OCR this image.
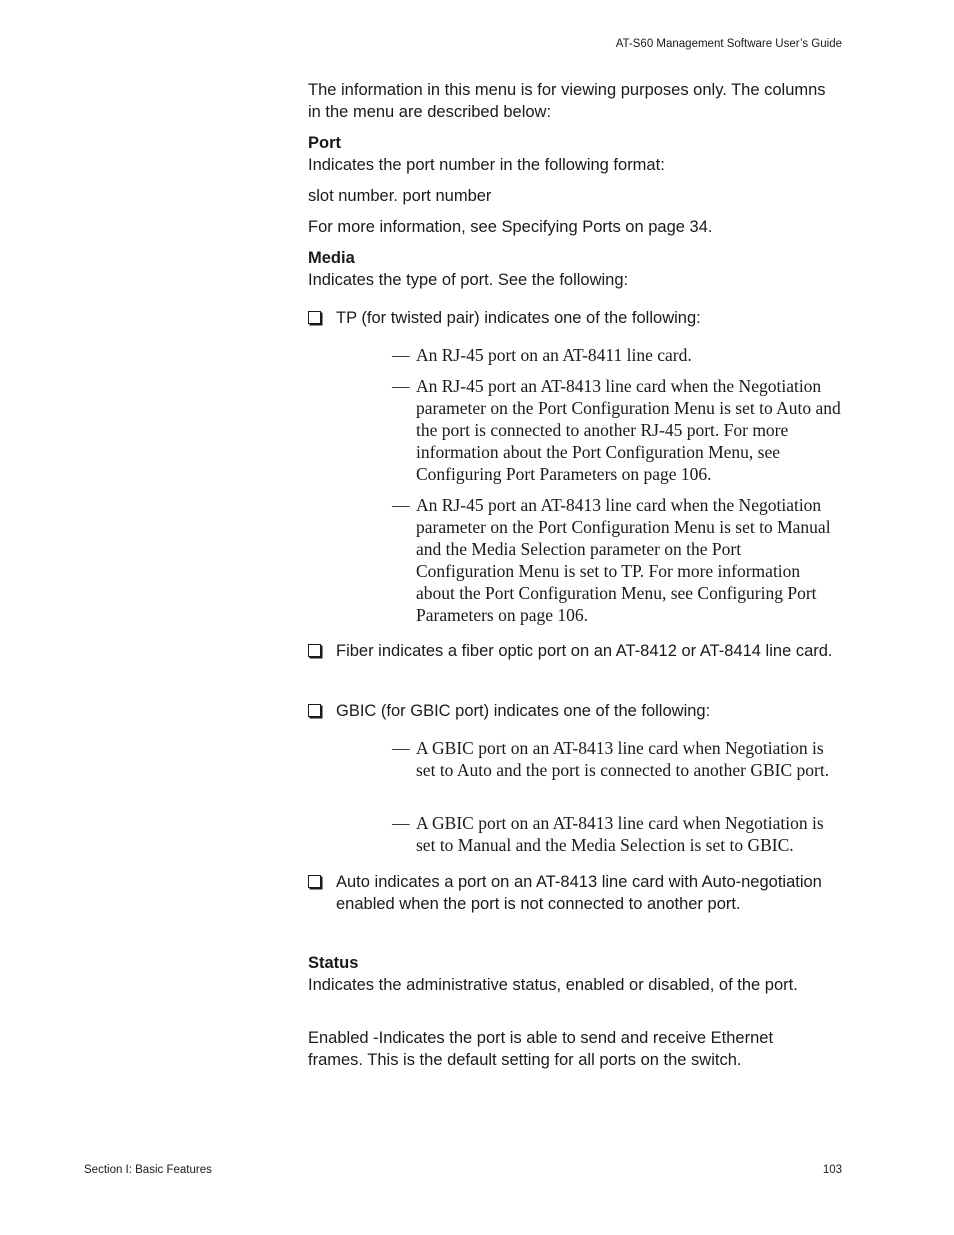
AT-S60 Management Software User’s Guide

The information in this menu is for viewing purposes only. The columns in the menu are described below:

Port

Indicates the port number in the following format:

slot number. port number

For more information, see Specifying Ports on page 34.

Media

Indicates the type of port. See the following:

TP (for twisted pair) indicates one of the following:
— An RJ-45 port on an AT-8411 line card.
— An RJ-45 port an AT-8413 line card when the Negotiation parameter on the Port Configuration Menu is set to Auto and the port is connected to another RJ-45 port. For more information about the Port Configuration Menu, see Configuring Port Parameters on page 106.
— An RJ-45 port an AT-8413 line card when the Negotiation parameter on the Port Configuration Menu is set to Manual and the Media Selection parameter on the Port Configuration Menu is set to TP. For more information about the Port Configuration Menu, see Configuring Port Parameters on page 106.
Fiber indicates a fiber optic port on an AT-8412 or AT-8414 line card.
GBIC (for GBIC port) indicates one of the following:
— A GBIC port on an AT-8413 line card when Negotiation is set to Auto and the port is connected to another GBIC port.
— A GBIC port on an AT-8413 line card when Negotiation is set to Manual and the Media Selection is set to GBIC.
Auto indicates a port on an AT-8413 line card with Auto-negotiation enabled when the port is not connected to another port.

Status

Indicates the administrative status, enabled or disabled, of the port.

Enabled -Indicates the port is able to send and receive Ethernet frames. This is the default setting for all ports on the switch.

Section I: Basic Features	103
